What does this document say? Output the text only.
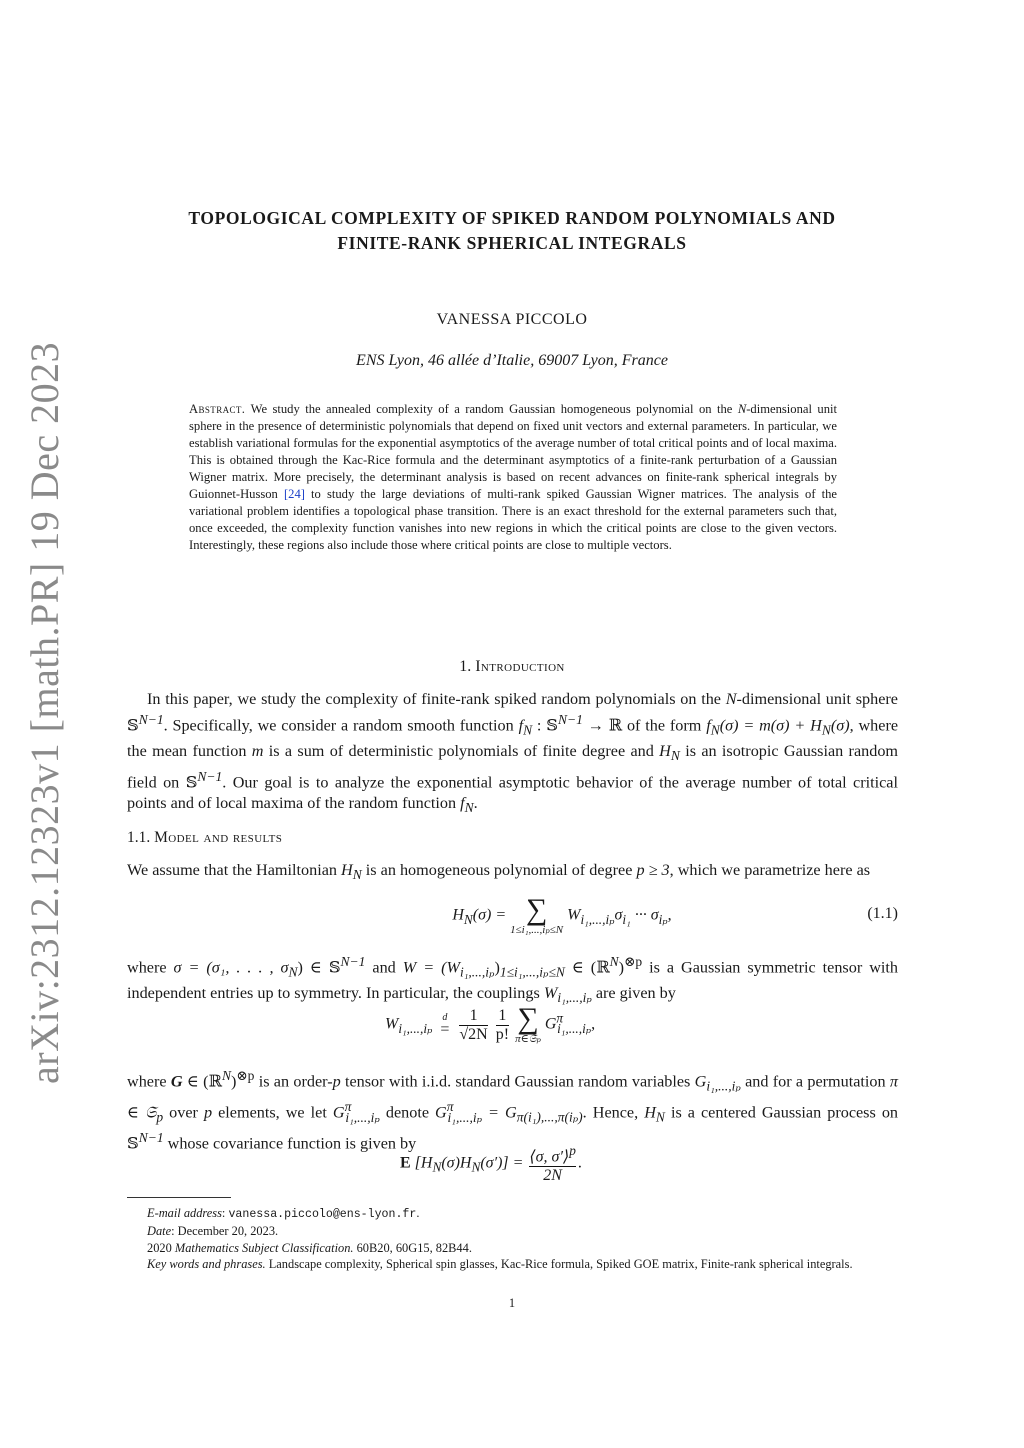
arXiv:2312.12323v1 [math.PR] 19 Dec 2023
TOPOLOGICAL COMPLEXITY OF SPIKED RANDOM POLYNOMIALS AND
FINITE-RANK SPHERICAL INTEGRALS
VANESSA PICCOLO
ENS Lyon, 46 allée d’Italie, 69007 Lyon, France
Abstract. We study the annealed complexity of a random Gaussian homogeneous polynomial on the N-dimensional unit sphere in the presence of deterministic polynomials that depend on fixed unit vectors and external parameters. In particular, we establish variational formulas for the exponential asymptotics of the average number of total critical points and of local maxima. This is obtained through the Kac-Rice formula and the determinant asymptotics of a finite-rank perturbation of a Gaussian Wigner matrix. More precisely, the determinant analysis is based on recent advances on finite-rank spherical integrals by Guionnet-Husson [24] to study the large deviations of multi-rank spiked Gaussian Wigner matrices. The analysis of the variational problem identifies a topological phase transition. There is an exact threshold for the external parameters such that, once exceeded, the complexity function vanishes into new regions in which the critical points are close to the given vectors. Interestingly, these regions also include those where critical points are close to multiple vectors.
1. Introduction

In this paper, we study the complexity of finite-rank spiked random polynomials on the N-dimensional unit sphere 𝕊$^{N-1}$. Specifically, we consider a random smooth function $f_N$ : 𝕊$^{N-1}$ → ℝ of the form $f_N(\sigma) = m(\sigma) + H_N(\sigma)$, where the mean function m is a sum of deterministic polynomials of finite degree and $H_N$ is an isotropic Gaussian random field on 𝕊$^{N-1}$. Our goal is to analyze the exponential asymptotic behavior of the average number of total critical points and of local maxima of the random function $f_N$.

1.1. Model and results

We assume that the Hamiltonian $H_N$ is an homogeneous polynomial of degree p ≥ 3, which we parametrize here as

$H_N(\sigma)$ = ∑
1≤i₁,...,iₚ≤N
$W_{i_1,...,i_p}\sigma_{i_1}$ ··· $\sigma_{i_p}$,	(1.1)

where σ = (σ₁, . . . , $\sigma_N$) ∈ 𝕊$^{N-1}$ and $W = (W_{i_1,...,i_p})_{1\le i_1,...,i_p\le N}$ ∈ (ℝ$^N$)$^{\otimes p}$ is a Gaussian symmetric tensor with independent entries up to symmetry. In particular, the couplings $W_{i_1,...,i_p}$ are given by

$W_{i_1,...,i_p}$
d
=
$\frac{1}{√2N}$
$\frac{1}{p!}$
∑
π∈𝔖ₚ
$G^\pi_{i_1,...,i_p}$,

where G ∈ (ℝ$^N$)$^{\otimes p}$ is an order-p tensor with i.i.d. standard Gaussian random variables $G_{i_1,...,i_p}$ and for a permutation π ∈ 𝔖$_p$ over p elements, we let $G^\pi_{i_1,...,i_p}$ denote $G^\pi_{i_1,...,i_p} = G_{\pi(i_1),...,\pi(i_p)}$. Hence, $H_N$ is a centered Gaussian process on 𝕊$^{N-1}$ whose covariance function is given by

E $[H_N(\sigma)H_N(\sigma')] = \frac{⟨\sigma, \sigma'⟩^p}{2N}$ .

E-mail address: vanessa.piccolo@ens-lyon.fr.

Date: December 20, 2023.

2020 Mathematics Subject Classification. 60B20, 60G15, 82B44.

Key words and phrases. Landscape complexity, Spherical spin glasses, Kac-Rice formula, Spiked GOE matrix, Finite-rank spherical integrals.

1
